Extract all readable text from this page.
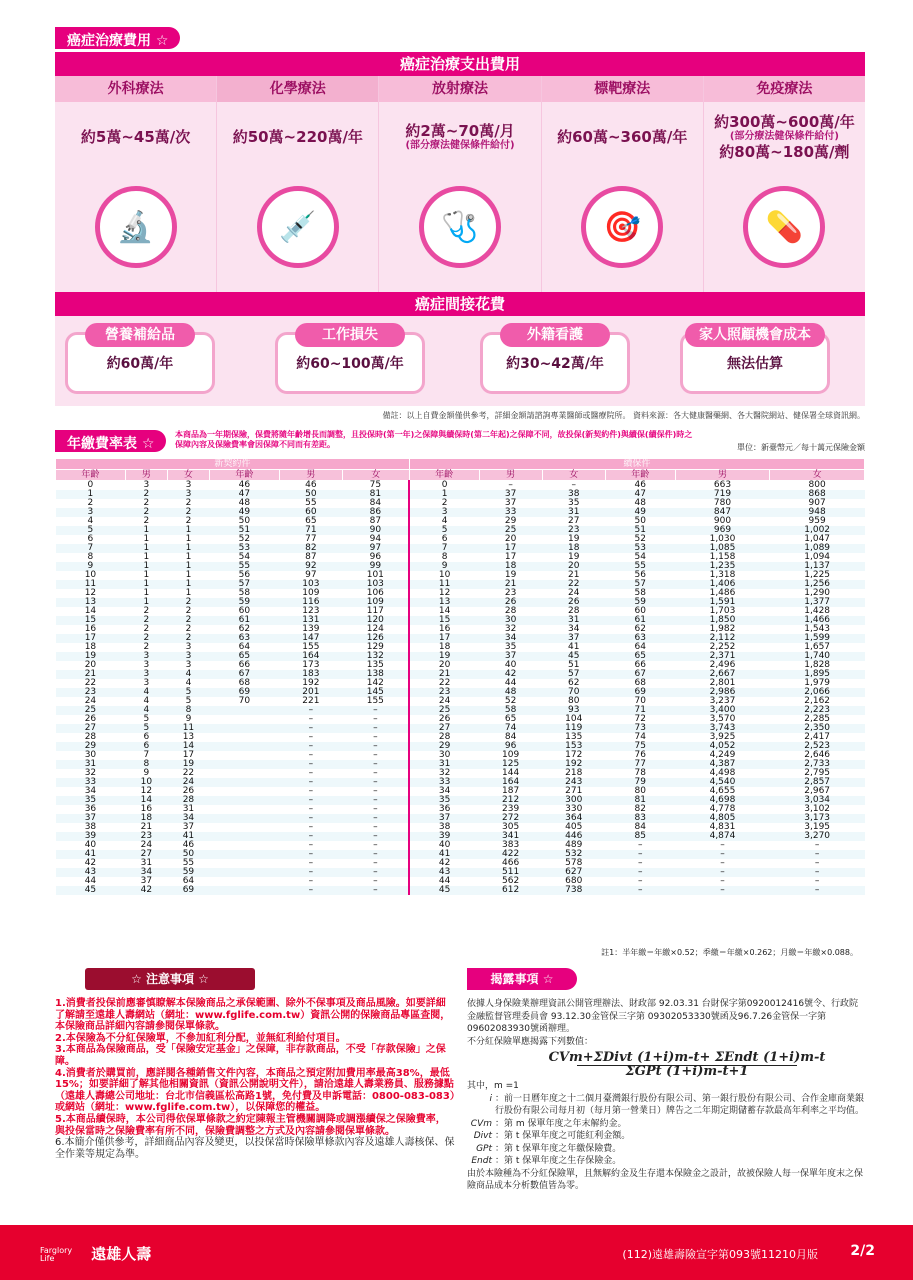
癌症治療費用 ☆
癌症治療支出費用
外科療法
約5萬~45萬/次
🔬
化學療法
約50萬~220萬/年
💉
放射療法
約2萬~70萬/月
(部分療法健保條件給付)
🩺
標靶療法
約60萬~360萬/年
🎯
免疫療法
約300萬~600萬/年
(部分療法健保條件給付)
約80萬~180萬/劑
💊
癌症間接花費
營養補給品
約60萬/年
工作損失
約60~100萬/年
外籍看護
約30~42萬/年
家人照顧機會成本
無法估算
備註：以上自費金額僅供參考，詳細金額請諮詢專業醫師或醫療院所。 資料來源：各大健康醫藥網、各大醫院網站、健保署全球資訊網。
年繳費率表 ☆
本商品為一年期保險，保費將隨年齡增長而調整，且投保時(第一年)之保障與續保時(第二年起)之保障不同，故投保(新契約件)與續保(續保件)時之保障內容及保險費率會因保障不同而有差距。	單位：新臺幣元／每十萬元保險金額
新契約件						續保件					
年齡	男	女	年齡	男	女	年齡	男	女	年齡	男	女
0	3	3	46	46	75	0	–	–	46	663	800
1	2	3	47	50	81	1	37	38	47	719	868
2	2	2	48	55	84	2	37	35	48	780	907
3	2	2	49	60	86	3	33	31	49	847	948
4	2	2	50	65	87	4	29	27	50	900	959
5	1	1	51	71	90	5	25	23	51	969	1,002
6	1	1	52	77	94	6	20	19	52	1,030	1,047
7	1	1	53	82	97	7	17	18	53	1,085	1,089
8	1	1	54	87	96	8	17	19	54	1,158	1,094
9	1	1	55	92	99	9	18	20	55	1,235	1,137
10	1	1	56	97	101	10	19	21	56	1,318	1,225
11	1	1	57	103	103	11	21	22	57	1,406	1,256
12	1	1	58	109	106	12	23	24	58	1,486	1,290
13	1	2	59	116	109	13	26	26	59	1,591	1,377
14	2	2	60	123	117	14	28	28	60	1,703	1,428
15	2	2	61	131	120	15	30	31	61	1,850	1,466
16	2	2	62	139	124	16	32	34	62	1,982	1,543
17	2	2	63	147	126	17	34	37	63	2,112	1,599
18	2	3	64	155	129	18	35	41	64	2,252	1,657
19	3	3	65	164	132	19	37	45	65	2,371	1,740
20	3	3	66	173	135	20	40	51	66	2,496	1,828
21	3	4	67	183	138	21	42	57	67	2,667	1,895
22	3	4	68	192	142	22	44	62	68	2,801	1,979
23	4	5	69	201	145	23	48	70	69	2,986	2,066
24	4	5	70	221	155	24	52	80	70	3,237	2,162
25	4	8		–	–	25	58	93	71	3,400	2,223
26	5	9		–	–	26	65	104	72	3,570	2,285
27	5	11		–	–	27	74	119	73	3,743	2,350
28	6	13		–	–	28	84	135	74	3,925	2,417
29	6	14		–	–	29	96	153	75	4,052	2,523
30	7	17		–	–	30	109	172	76	4,249	2,646
31	8	19		–	–	31	125	192	77	4,387	2,733
32	9	22		–	–	32	144	218	78	4,498	2,795
33	10	24		–	–	33	164	243	79	4,540	2,857
34	12	26		–	–	34	187	271	80	4,655	2,967
35	14	28		–	–	35	212	300	81	4,698	3,034
36	16	31		–	–	36	239	330	82	4,778	3,102
37	18	34		–	–	37	272	364	83	4,805	3,173
38	21	37		–	–	38	305	405	84	4,831	3,195
39	23	41		–	–	39	341	446	85	4,874	3,270
40	24	46		–	–	40	383	489	–	–	–
41	27	50		–	–	41	422	532	–	–	–
42	31	55		–	–	42	466	578	–	–	–
43	34	59		–	–	43	511	627	–	–	–
44	37	64		–	–	44	562	680	–	–	–
45	42	69		–	–	45	612	738	–	–	–
註1：半年繳＝年繳×0.52；季繳＝年繳×0.262；月繳＝年繳×0.088。
☆ 注意事項 ☆
1.消費者投保前應審慎瞭解本保險商品之承保範圍、除外不保事項及商品風險。如要詳細了解請至遠雄人壽網站（網址：www.fglife.com.tw）資訊公開的保險商品專區查閱，本保險商品詳細內容請參閱保單條款。
2.本保險為不分紅保險單，不參加紅利分配，並無紅利給付項目。
3.本商品為保險商品，受「保險安定基金」之保障，非存款商品，不受「存款保險」之保障。
4.消費者於購買前，應詳閱各種銷售文件內容，本商品之預定附加費用率最高38%，最低15%；如要詳細了解其他相關資訊（資訊公開說明文件），請洽遠雄人壽業務員、服務據點（遠雄人壽總公司地址：台北市信義區松高路1號，免付費及申訴電話：0800-083-083）或網站（網址：www.fglife.com.tw），以保障您的權益。
5.本商品續保時，本公司得依保單條款之約定陳報主管機關調降或調漲續保之保險費率，與投保當時之保險費率有所不同，保險費調整之方式及內容請參閱保單條款。
6.本簡介僅供參考，詳細商品內容及變更，以投保當時保險單條款內容及遠雄人壽核保、保全作業等規定為準。
揭露事項 ☆
依據人身保險業辦理資訊公開管理辦法、財政部 92.03.31 台財保字第0920012416號令、行政院金融監督管理委員會 93.12.30金管保三字第 09302053330號函及96.7.26金管保一字第09602083930號函辦理。
不分紅保險單應揭露下列數值：
CVm+ΣDivt (1+i)m-t+ ΣEndt (1+i)m-t
ΣGPt (1+i)m-t+1
其中，m =1
i ：前一日曆年度之十二個月臺灣銀行股份有限公司、第一銀行股份有限公司、合作金庫商業銀行股份有限公司每月初（每月第一營業日）牌告之二年期定期儲蓄存款最高年利率之平均值。
CVm ：第 m 保單年度之年末解約金。
Divt ：第 t 保單年度之可能紅利金額。
GPt ：第 t 保單年度之年繳保險費。
Endt ：第 t 保單年度之生存保險金。
由於本險種為不分紅保險單，且無解約金及生存還本保險金之設計，故被保險人每一保單年度末之保險商品成本分析數值皆為零。
Farglory Life 遠雄人壽	(112)遠雄壽險宣字第093號11210月版 2/2
